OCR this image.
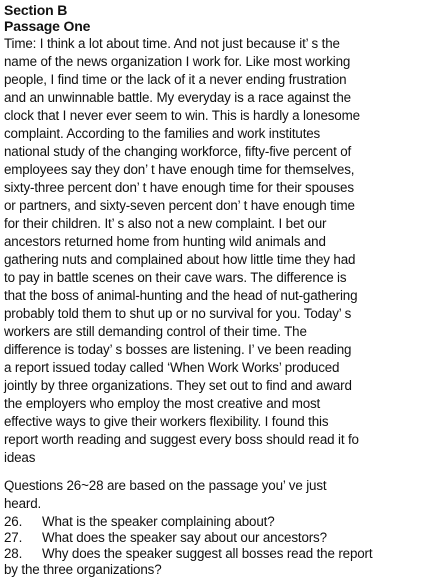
Section B
Passage One
Time: I think a lot about time. And not just because it’ s the
name of the news organization I work for. Like most working
people, I find time or the lack of it a never ending frustration
and an unwinnable battle. My everyday is a race against the
clock that I never ever seem to win. This is hardly a lonesome
complaint. According to the families and work institutes
national study of the changing workforce, fifty-five percent of
employees say they don’ t have enough time for themselves,
sixty-three percent don’ t have enough time for their spouses
or partners, and sixty-seven percent don’ t have enough time
for their children. It’ s also not a new complaint. I bet our
ancestors returned home from hunting wild animals and
gathering nuts and complained about how little time they had
to pay in battle scenes on their cave wars. The difference is
that the boss of animal-hunting and the head of nut-gathering
probably told them to shut up or no survival for you. Today’ s
workers are still demanding control of their time. The
difference is today’ s bosses are listening. I’ ve been reading
a report issued today called ‘When Work Works’ produced
jointly by three organizations. They set out to find and award
the employers who employ the most creative and most
effective ways to give their workers flexibility. I found this
report worth reading and suggest every boss should read it fo
ideas
Questions 26~28 are based on the passage you’ ve just
heard.
26. What is the speaker complaining about?
27. What does the speaker say about our ancestors?
28. Why does the speaker suggest all bosses read the report
by the three organizations?
